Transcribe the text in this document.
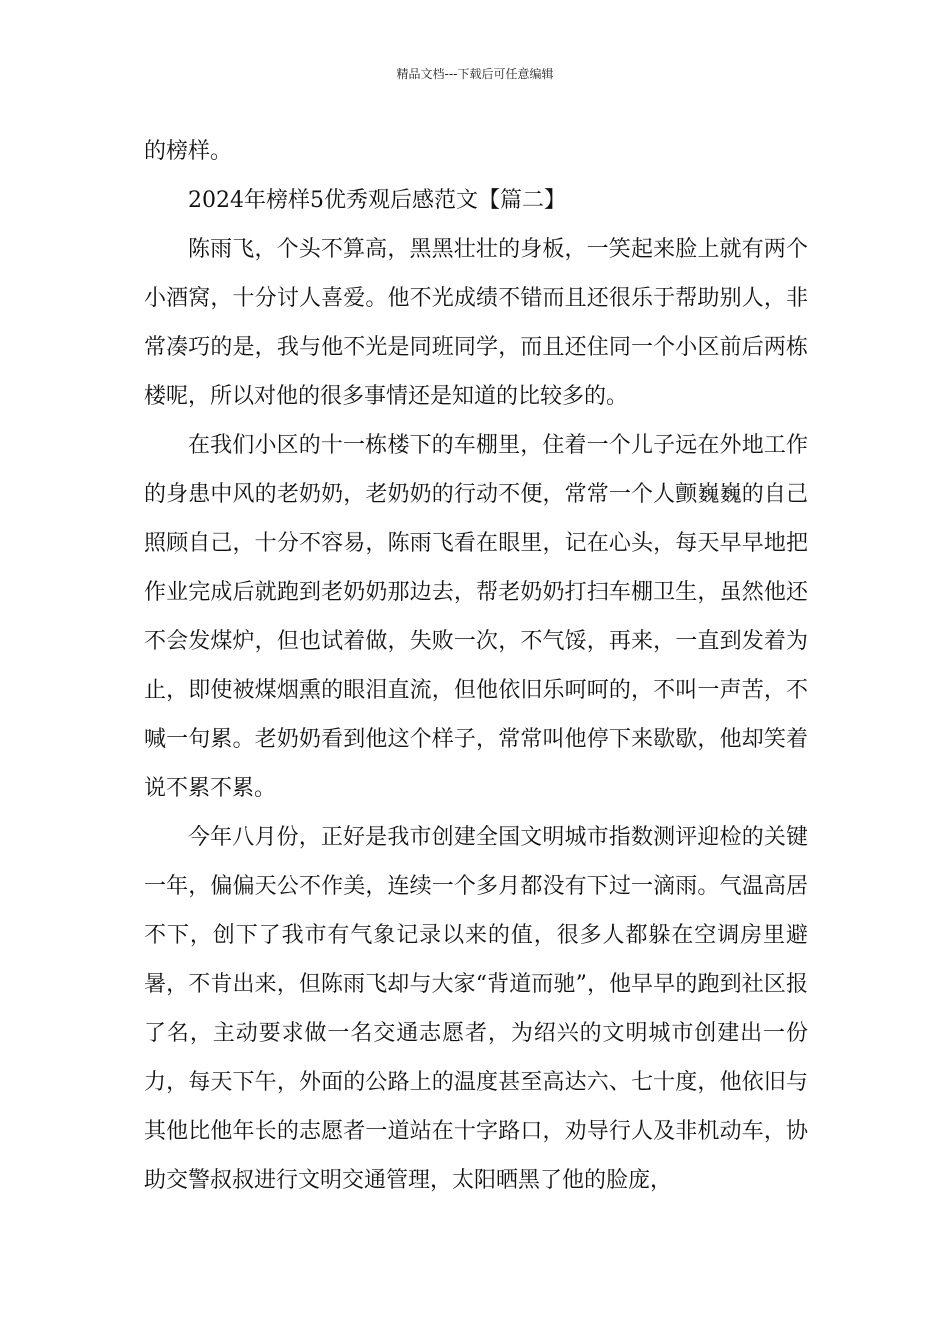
精品文档---下载后可任意编辑

的榜样。

2024年榜样5优秀观后感范文【篇二】

陈雨飞，个头不算高，黑黑壮壮的身板，一笑起来脸上就有两个小酒窝，十分讨人喜爱。他不光成绩不错而且还很乐于帮助别人，非常凑巧的是，我与他不光是同班同学，而且还住同一个小区前后两栋楼呢，所以对他的很多事情还是知道的比较多的。

在我们小区的十一栋楼下的车棚里，住着一个儿子远在外地工作的身患中风的老奶奶，老奶奶的行动不便，常常一个人颤巍巍的自己照顾自己，十分不容易，陈雨飞看在眼里，记在心头，每天早早地把作业完成后就跑到老奶奶那边去，帮老奶奶打扫车棚卫生，虽然他还不会发煤炉，但也试着做，失败一次，不气馁，再来，一直到发着为止，即使被煤烟熏的眼泪直流，但他依旧乐呵呵的，不叫一声苦，不喊一句累。老奶奶看到他这个样子，常常叫他停下来歇歇，他却笑着说不累不累。

今年八月份，正好是我市创建全国文明城市指数测评迎检的关键一年，偏偏天公不作美，连续一个多月都没有下过一滴雨。气温高居不下，创下了我市有气象记录以来的值，很多人都躲在空调房里避暑，不肯出来，但陈雨飞却与大家“背道而驰”，他早早的跑到社区报了名，主动要求做一名交通志愿者，为绍兴的文明城市创建出一份力，每天下午，外面的公路上的温度甚至高达六、七十度，他依旧与其他比他年长的志愿者一道站在十字路口，劝导行人及非机动车，协助交警叔叔进行文明交通管理，太阳晒黑了他的脸庞，
